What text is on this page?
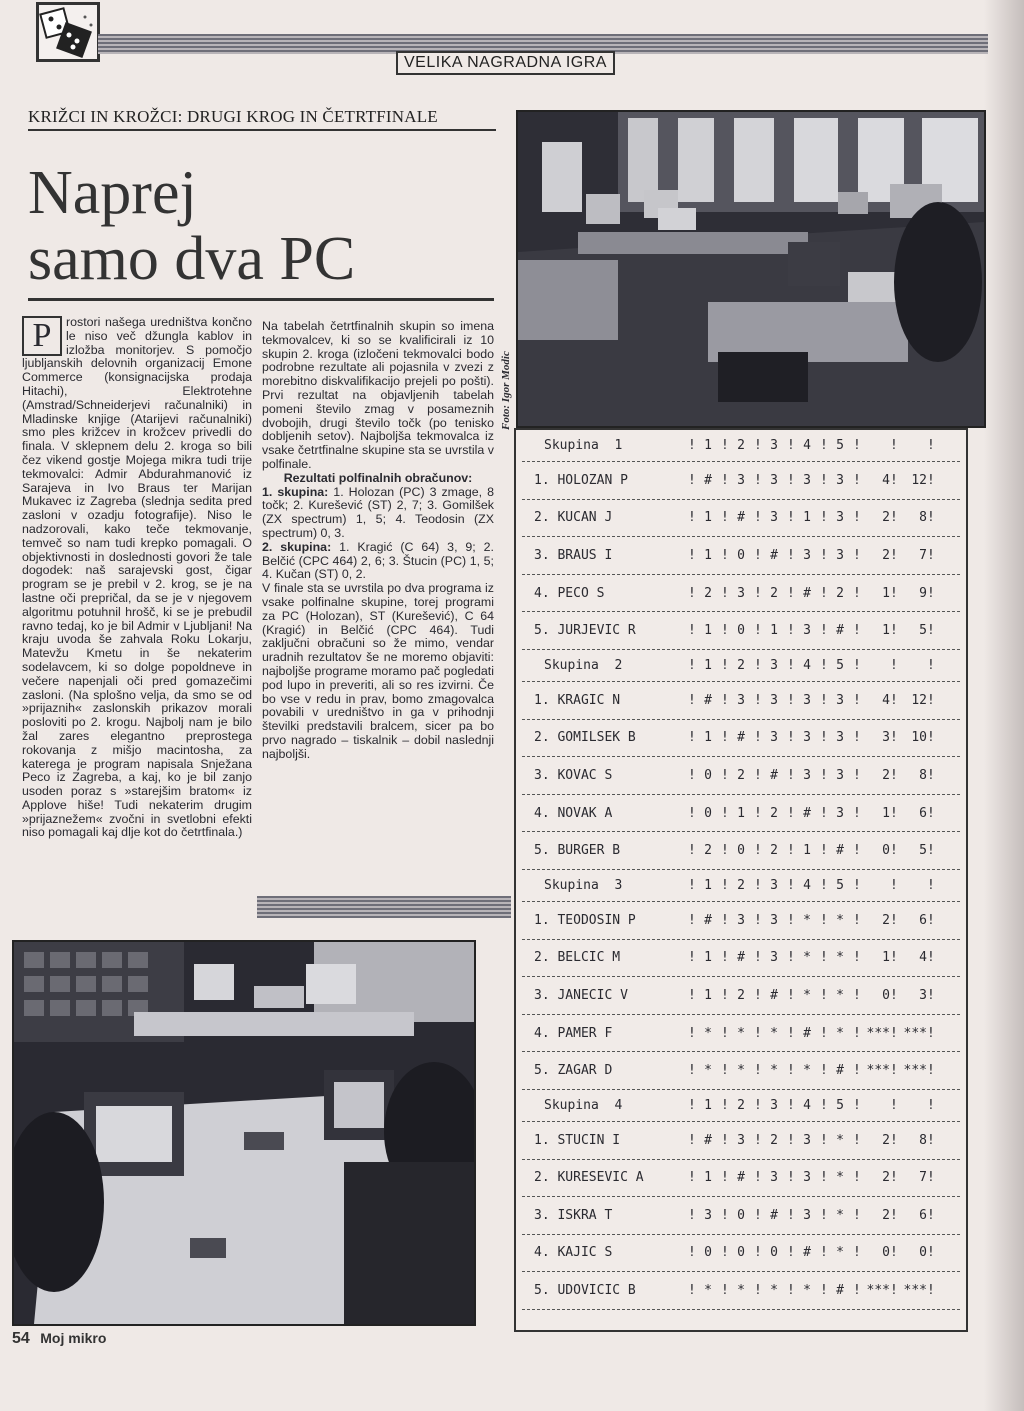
VELIKA NAGRADNA IGRA
KRIŽCI IN KROŽCI: DRUGI KROG IN ČETRTFINALE
Naprej
samo dva PC
P	rostori našega uredništva končno le niso več džungla kablov in izložba monitorjev. S pomočjo ljubljanskih delovnih organizacij Emone Commerce (konsignacijska prodaja Hitachi), Elektrotehne (Amstrad/Schneiderjevi računalniki) in Mladinske knjige (Atarijevi računalniki) smo ples križcev in krožcev privedli do finala. V sklepnem delu 2. kroga so bili čez vikend gostje Mojega mikra tudi trije tekmovalci: Admir Abdurahmanović iz Sarajeva in Ivo Braus ter Marijan Mukavec iz Zagreba (slednja sedita pred zasloni v ozadju fotografije). Niso le nadzorovali, kako teče tekmovanje, temveč so nam tudi krepko pomagali. O objektivnosti in doslednosti govori že tale dogodek: naš sarajevski gost, čigar program se je prebil v 2. krog, se je na lastne oči prepričal, da se je v njegovem algoritmu potuhnil hrošč, ki se je prebudil ravno tedaj, ko je bil Admir v Ljubljani! Na kraju uvoda še zahvala Roku Lokarju, Matevžu Kmetu in še nekaterim sodelavcem, ki so dolge popoldneve in večere napenjali oči pred gomazečimi zasloni. (Na splošno velja, da smo se od »prijaznih« zaslonskih prikazov morali posloviti po 2. krogu. Najbolj nam je bilo žal zares elegantno preprostega rokovanja z mišjo macintosha, za katerega je program napisala Snježana Peco iz Zagreba, a kaj, ko je bil zanjo usoden poraz s »starejšim bratom« iz Applove hiše! Tudi nekaterim drugim »prijaznežem« zvočni in svetlobni efekti niso pomagali kaj dlje kot do četrtfinala.)

Na tabelah četrtfinalnih skupin so imena tekmovalcev, ki so se kvalificirali iz 10 skupin 2. kroga (izločeni tekmovalci bodo podrobne rezultate ali pojasnila v zvezi z morebitno diskvalifikacijo prejeli po pošti). Prvi rezultat na objavljenih tabelah pomeni število zmag v posameznih dvobojih, drugi število točk (po tenisko dobljenih setov). Najboljša tekmovalca iz vsake četrtfinalne skupine sta se uvrstila v polfinale.

Rezultati polfinalnih obračunov:

1. skupina: 1. Holozan (PC) 3 zmage, 8 točk; 2. Kurešević (ST) 2, 7; 3. Gomilšek (ZX spectrum) 1, 5; 4. Teodosin (ZX spectrum) 0, 3.

2. skupina: 1. Kragić (C 64) 3, 9; 2. Belčić (CPC 464) 2, 6; 3. Štucin (PC) 1, 5; 4. Kučan (ST) 0, 2.

V finale sta se uvrstila po dva programa iz vsake polfinalne skupine, torej programi za PC (Holozan), ST (Kurešević), C 64 (Kragić) in Belčić (CPC 464). Tudi zaključni obračuni so že mimo, vendar uradnih rezultatov še ne moremo objaviti: najboljše programe moramo pač pogledati pod lupo in preveriti, ali so res izvirni. Če bo vse v redu in prav, bomo zmagovalca povabili v uredništvo in ga v prihodnji številki predstavili bralcem, sicer pa bo prvo nagrado – tiskalnik – dobil naslednji najboljši.

Foto: Igor Modic
Skupina  1	! 1 ! 2 ! 3 ! 4 ! 5 ! ! !
1. HOLOZAN P	! # ! 3 ! 3 ! 3 ! 3 !	4 !	12 !
2. KUCAN J	! 1 ! # ! 3 ! 1 ! 3 !	2 !	8 !
3. BRAUS I	! 1 ! 0 ! # ! 3 ! 3 !	2 !	7 !
4. PECO S	! 2 ! 3 ! 2 ! # ! 2 !	1 !	9 !
5. JURJEVIC R	! 1 ! 0 ! 1 ! 3 ! # !	1 !	5 !
Skupina  2	! 1 ! 2 ! 3 ! 4 ! 5 ! ! !
1. KRAGIC N	! # ! 3 ! 3 ! 3 ! 3 !	4 !	12 !
2. GOMILSEK B	! 1 ! # ! 3 ! 3 ! 3 !	3 !	10 !
3. KOVAC S	! 0 ! 2 ! # ! 3 ! 3 !	2 !	8 !
4. NOVAK A	! 0 ! 1 ! 2 ! # ! 3 !	1 !	6 !
5. BURGER B	! 2 ! 0 ! 2 ! 1 ! # !	0 !	5 !
Skupina  3	! 1 ! 2 ! 3 ! 4 ! 5 ! ! !
1. TEODOSIN P	! # ! 3 ! 3 ! * ! * !	2 !	6 !
2. BELCIC M	! 1 ! # ! 3 ! * ! * !	1 !	4 !
3. JANECIC V	! 1 ! 2 ! # ! * ! * !	0 !	3 !
4. PAMER F	! * ! * ! * ! # ! * ! *** ! *** !
5. ZAGAR D	! * ! * ! * ! * ! # ! *** ! *** !
Skupina  4	! 1 ! 2 ! 3 ! 4 ! 5 ! ! !
1. STUCIN I	! # ! 3 ! 2 ! 3 ! * !	2 !	8 !
2. KURESEVIC A	! 1 ! # ! 3 ! 3 ! * !	2 !	7 !
3. ISKRA T	! 3 ! 0 ! # ! 3 ! * !	2 !	6 !
4. KAJIC S	! 0 ! 0 ! 0 ! # ! * !	0 !	0 !
5. UDOVICIC B	! * ! * ! * ! * ! # ! *** ! *** !
54 Moj mikro
